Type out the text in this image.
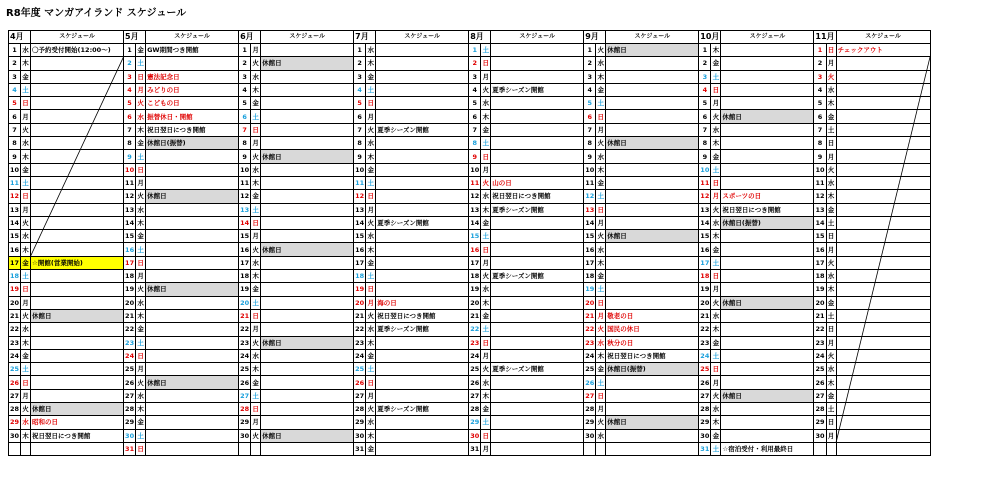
R8年度 マンガアイランド スケジュール
4月		スケジュール	5月		スケジュール	6月		スケジュール	7月		スケジュール	8月		スケジュール	9月		スケジュール	10月		スケジュール	11月		スケジュール
1	水	〇予約受付開始(12:00～)	1	金	GW期間つき開館	1	月		1	水		1	土		1	火	休館日	1	木		1	日	チェックアウト
2	木		2	土		2	火	休館日	2	木		2	日		2	水		2	金		2	月	
3	金		3	日	憲法記念日	3	水		3	金		3	月		3	木		3	土		3	火	
4	土		4	月	みどりの日	4	木		4	土		4	火	夏季シーズン開館	4	金		4	日		4	水	
5	日		5	火	こどもの日	5	金		5	日		5	水		5	土		5	月		5	木	
6	月		6	水	振替休日・開館	6	土		6	月		6	木		6	日		6	火	休館日	6	金	
7	火		7	木	祝日翌日につき開館	7	日		7	火	夏季シーズン開館	7	金		7	月		7	水		7	土	
8	水		8	金	休館日(振替)	8	月		8	水		8	土		8	火	休館日	8	木		8	日	
9	木		9	土		9	火	休館日	9	木		9	日		9	水		9	金		9	月	
10	金		10	日		10	水		10	金		10	月		10	木		10	土		10	火	
11	土		11	月		11	木		11	土		11	火	山の日	11	金		11	日		11	水	
12	日		12	火	休館日	12	金		12	日		12	水	祝日翌日につき開館	12	土		12	月	スポーツの日	12	木	
13	月		13	水		13	土		13	月		13	木	夏季シーズン開館	13	日		13	火	祝日翌日につき開館	13	金	
14	火		14	木		14	日		14	火	夏季シーズン開館	14	金		14	月		14	水	休館日(振替)	14	土	
15	水		15	金		15	月		15	水		15	土		15	火	休館日	15	木		15	日	
16	木		16	土		16	火	休館日	16	木		16	日		16	水		16	金		16	月	
17	金	☆開館(営業開始)	17	日		17	水		17	金		17	月		17	木		17	土		17	火	
18	土		18	月		18	木		18	土		18	火	夏季シーズン開館	18	金		18	日		18	水	
19	日		19	火	休館日	19	金		19	日		19	水		19	土		19	月		19	木	
20	月		20	水		20	土		20	月	海の日	20	木		20	日		20	火	休館日	20	金	
21	火	休館日	21	木		21	日		21	火	祝日翌日につき開館	21	金		21	月	敬老の日	21	水		21	土	
22	水		22	金		22	月		22	水	夏季シーズン開館	22	土		22	火	国民の休日	22	木		22	日	
23	木		23	土		23	火	休館日	23	木		23	日		23	水	秋分の日	23	金		23	月	
24	金		24	日		24	水		24	金		24	月		24	木	祝日翌日につき開館	24	土		24	火	
25	土		25	月		25	木		25	土		25	火	夏季シーズン開館	25	金	休館日(振替)	25	日		25	水	
26	日		26	火	休館日	26	金		26	日		26	水		26	土		26	月		26	木	
27	月		27	水		27	土		27	月		27	木		27	日		27	火	休館日	27	金	
28	火	休館日	28	木		28	日		28	火	夏季シーズン開館	28	金		28	月		28	水		28	土	
29	水	昭和の日	29	金		29	月		29	水		29	土		29	火	休館日	29	木		29	日	
30	木	祝日翌日につき開館	30	土		30	火	休館日	30	木		30	日		30	水		30	金		30	月	
			31	日					31	金		31	月					31	土	☆宿泊受付・利用最終日			
